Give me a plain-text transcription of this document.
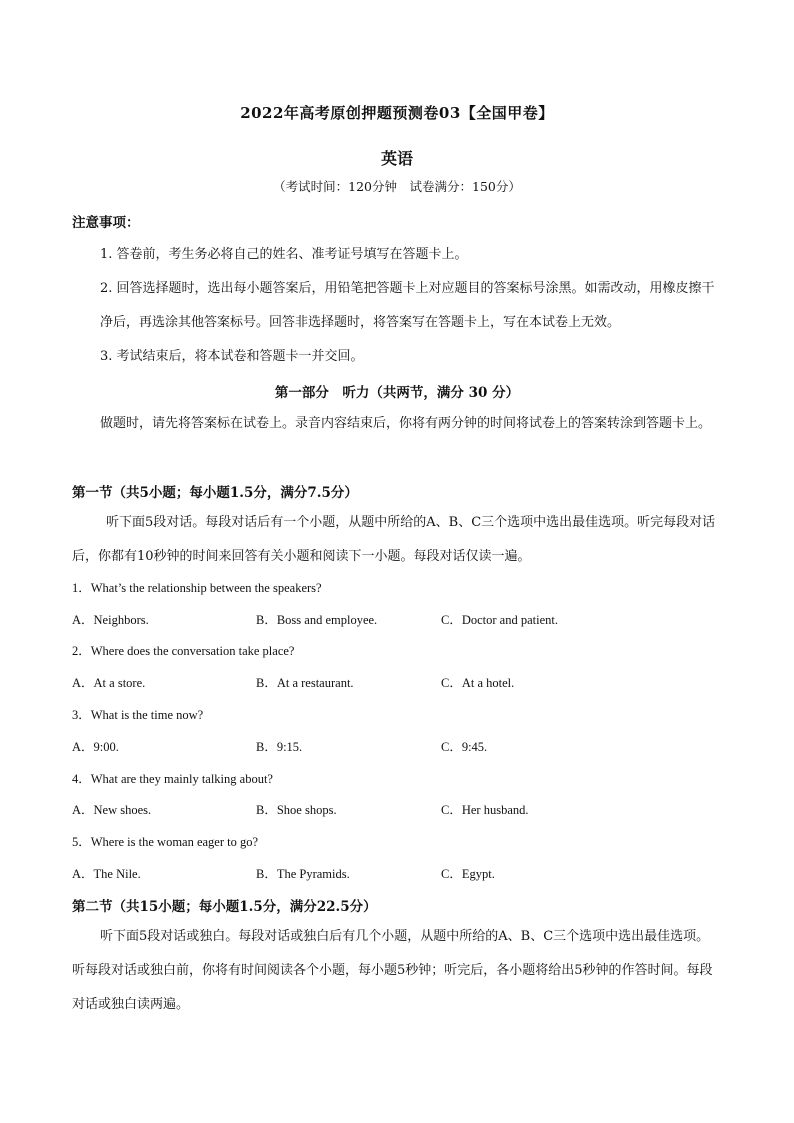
2022年高考原创押题预测卷03【全国甲卷】
英语
（考试时间：120分钟　试卷满分：150分）
注意事项：
1. 答卷前，考生务必将自己的姓名、准考证号填写在答题卡上。
2. 回答选择题时，选出每小题答案后，用铅笔把答题卡上对应题目的答案标号涂黑。如需改动，用橡皮擦干净后，再选涂其他答案标号。回答非选择题时，将答案写在答题卡上，写在本试卷上无效。
3. 考试结束后，将本试卷和答题卡一并交回。
第一部分　听力（共两节，满分 30 分）
做题时，请先将答案标在试卷上。录音内容结束后，你将有两分钟的时间将试卷上的答案转涂到答题卡上。
第一节（共5小题；每小题1.5分，满分7.5分）
听下面5段对话。每段对话后有一个小题，从题中所给的A、B、C三个选项中选出最佳选项。听完每段对话后，你都有10秒钟的时间来回答有关小题和阅读下一小题。每段对话仅读一遍。
1．What’s the relationship between the speakers?
A．Neighbors.	B．Boss and employee.	C．Doctor and patient.
2．Where does the conversation take place?
A．At a store.	B．At a restaurant.	C．At a hotel.
3．What is the time now?
A．9:00.	B．9:15.	C．9:45.
4．What are they mainly talking about?
A．New shoes.	B．Shoe shops.	C．Her husband.
5．Where is the woman eager to go?
A．The Nile.	B．The Pyramids.	C．Egypt.
第二节（共15小题；每小题1.5分，满分22.5分）
听下面5段对话或独白。每段对话或独白后有几个小题，从题中所给的A、B、C三个选项中选出最佳选项。听每段对话或独白前，你将有时间阅读各个小题，每小题5秒钟；听完后，各小题将给出5秒钟的作答时间。每段对话或独白读两遍。
